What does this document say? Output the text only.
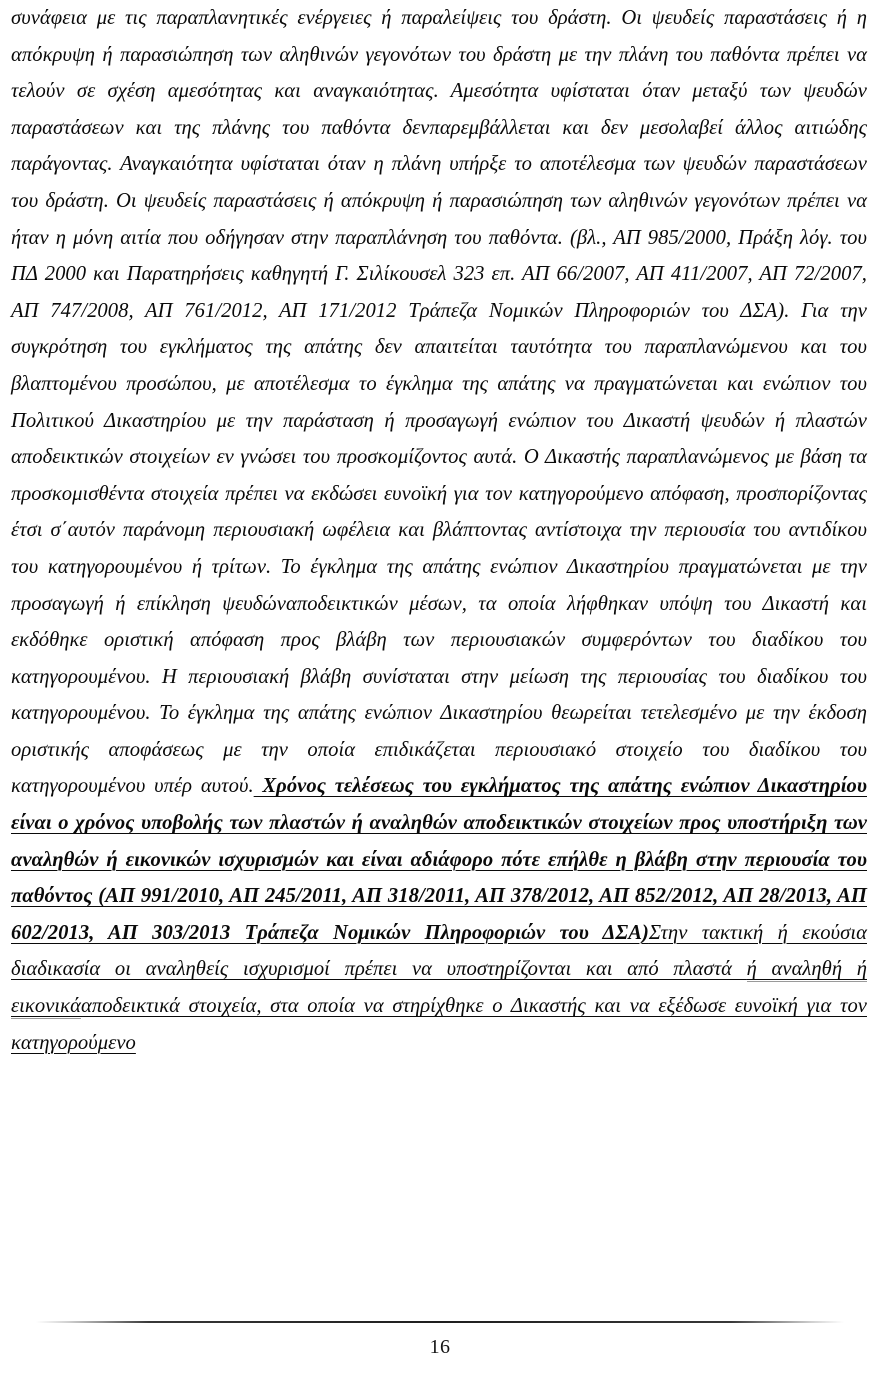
συνάφεια με τις παραπλανητικές ενέργειες ή παραλείψεις του δράστη. Οι ψευδείς παραστάσεις ή η απόκρυψη ή παρασιώπηση των αληθινών γεγονότων του δράστη με την πλάνη του παθόντα πρέπει να τελούν σε σχέση αμεσότητας και αναγκαιότητας. Αμεσότητα υφίσταται όταν μεταξύ των ψευδών παραστάσεων και της πλάνης του παθόντα δενπαρεμβάλλεται και δεν μεσολαβεί άλλος αιτιώδης παράγοντας. Αναγκαιότητα υφίσταται όταν η πλάνη υπήρξε το αποτέλεσμα των ψευδών παραστάσεων του δράστη. Οι ψευδείς παραστάσεις ή απόκρυψη ή παρασιώπηση των αληθινών γεγονότων πρέπει να ήταν η μόνη αιτία που οδήγησαν στην παραπλάνηση του παθόντα. (βλ., ΑΠ 985/2000, Πράξη λόγ. του ΠΔ 2000 και Παρατηρήσεις καθηγητή Γ. Σιλίκουσελ 323 επ. ΑΠ 66/2007, ΑΠ 411/2007, ΑΠ 72/2007, ΑΠ 747/2008, ΑΠ 761/2012, ΑΠ 171/2012 Τράπεζα Νομικών Πληροφοριών του ΔΣΑ). Για την συγκρότηση του εγκλήματος της απάτης δεν απαιτείται ταυτότητα του παραπλανώμενου και του βλαπτομένου προσώπου, με αποτέλεσμα το έγκλημα της απάτης να πραγματώνεται και ενώπιον του Πολιτικού Δικαστηρίου με την παράσταση ή προσαγωγή ενώπιον του Δικαστή ψευδών ή πλαστών αποδεικτικών στοιχείων εν γνώσει του προσκομίζοντος αυτά. Ο Δικαστής παραπλανώμενος με βάση τα προσκομισθέντα στοιχεία πρέπει να εκδώσει ευνοϊκή για τον κατηγορούμενο απόφαση, προσπορίζοντας έτσι σ΄αυτόν παράνομη περιουσιακή ωφέλεια και βλάπτοντας αντίστοιχα την περιουσία του αντιδίκου του κατηγορουμένου ή τρίτων. Το έγκλημα της απάτης ενώπιον Δικαστηρίου πραγματώνεται με την προσαγωγή ή επίκληση ψευδώναποδεικτικών μέσων, τα οποία λήφθηκαν υπόψη του Δικαστή και εκδόθηκε οριστική απόφαση προς βλάβη των περιουσιακών συμφερόντων του διαδίκου του κατηγορουμένου. Η περιουσιακή βλάβη συνίσταται στην μείωση της περιουσίας του διαδίκου του κατηγορουμένου. Το έγκλημα της απάτης ενώπιον Δικαστηρίου θεωρείται τετελεσμένο με την έκδοση οριστικής αποφάσεως με την οποία επιδικάζεται περιουσιακό στοιχείο του διαδίκου του κατηγορουμένου υπέρ αυτού. Χρόνος τελέσεως του εγκλήματος της απάτης ενώπιον Δικαστηρίου είναι ο χρόνος υποβολής των πλαστών ή αναληθών αποδεικτικών στοιχείων προς υποστήριξη των αναληθών ή εικονικών ισχυρισμών και είναι αδιάφορο πότε επήλθε η βλάβη στην περιουσία του παθόντος (ΑΠ 991/2010, ΑΠ 245/2011, ΑΠ 318/2011, ΑΠ 378/2012, ΑΠ 852/2012, ΑΠ 28/2013, ΑΠ 602/2013, ΑΠ 303/2013 Τράπεζα Νομικών Πληροφοριών του ΔΣΑ)Στην τακτική ή εκούσια διαδικασία οι αναληθείς ισχυρισμοί πρέπει να υποστηρίζονται και από πλαστά ή αναληθή ή εικονικάαποδεικτικά στοιχεία, στα οποία να στηρίχθηκε ο Δικαστής και να εξέδωσε ευνοϊκή για τον κατηγορούμενο

16
